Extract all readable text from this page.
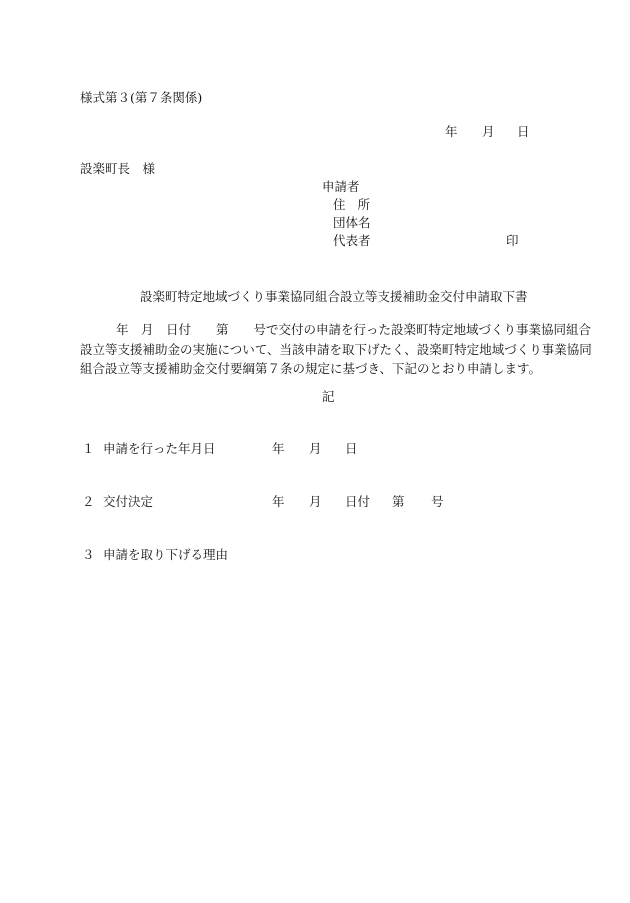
様式第３(第７条関係)
年 月 日
設楽町長　様
申請者
住所
団体名
代表者	印
設楽町特定地域づくり事業協同組合設立等支援補助金交付申請取下書
年　月　日付　　第　　号で交付の申請を行った設楽町特定地域づくり事業協同組合
設立等支援補助金の実施について、当該申請を取下げたく、設楽町特定地域づくり事業協同
組合設立等支援補助金交付要綱第７条の規定に基づき、下記のとおり申請します。
記
１ 申請を行った年月日	年 月 日
２ 交付決定	年 月 日付 第 号
３ 申請を取り下げる理由
